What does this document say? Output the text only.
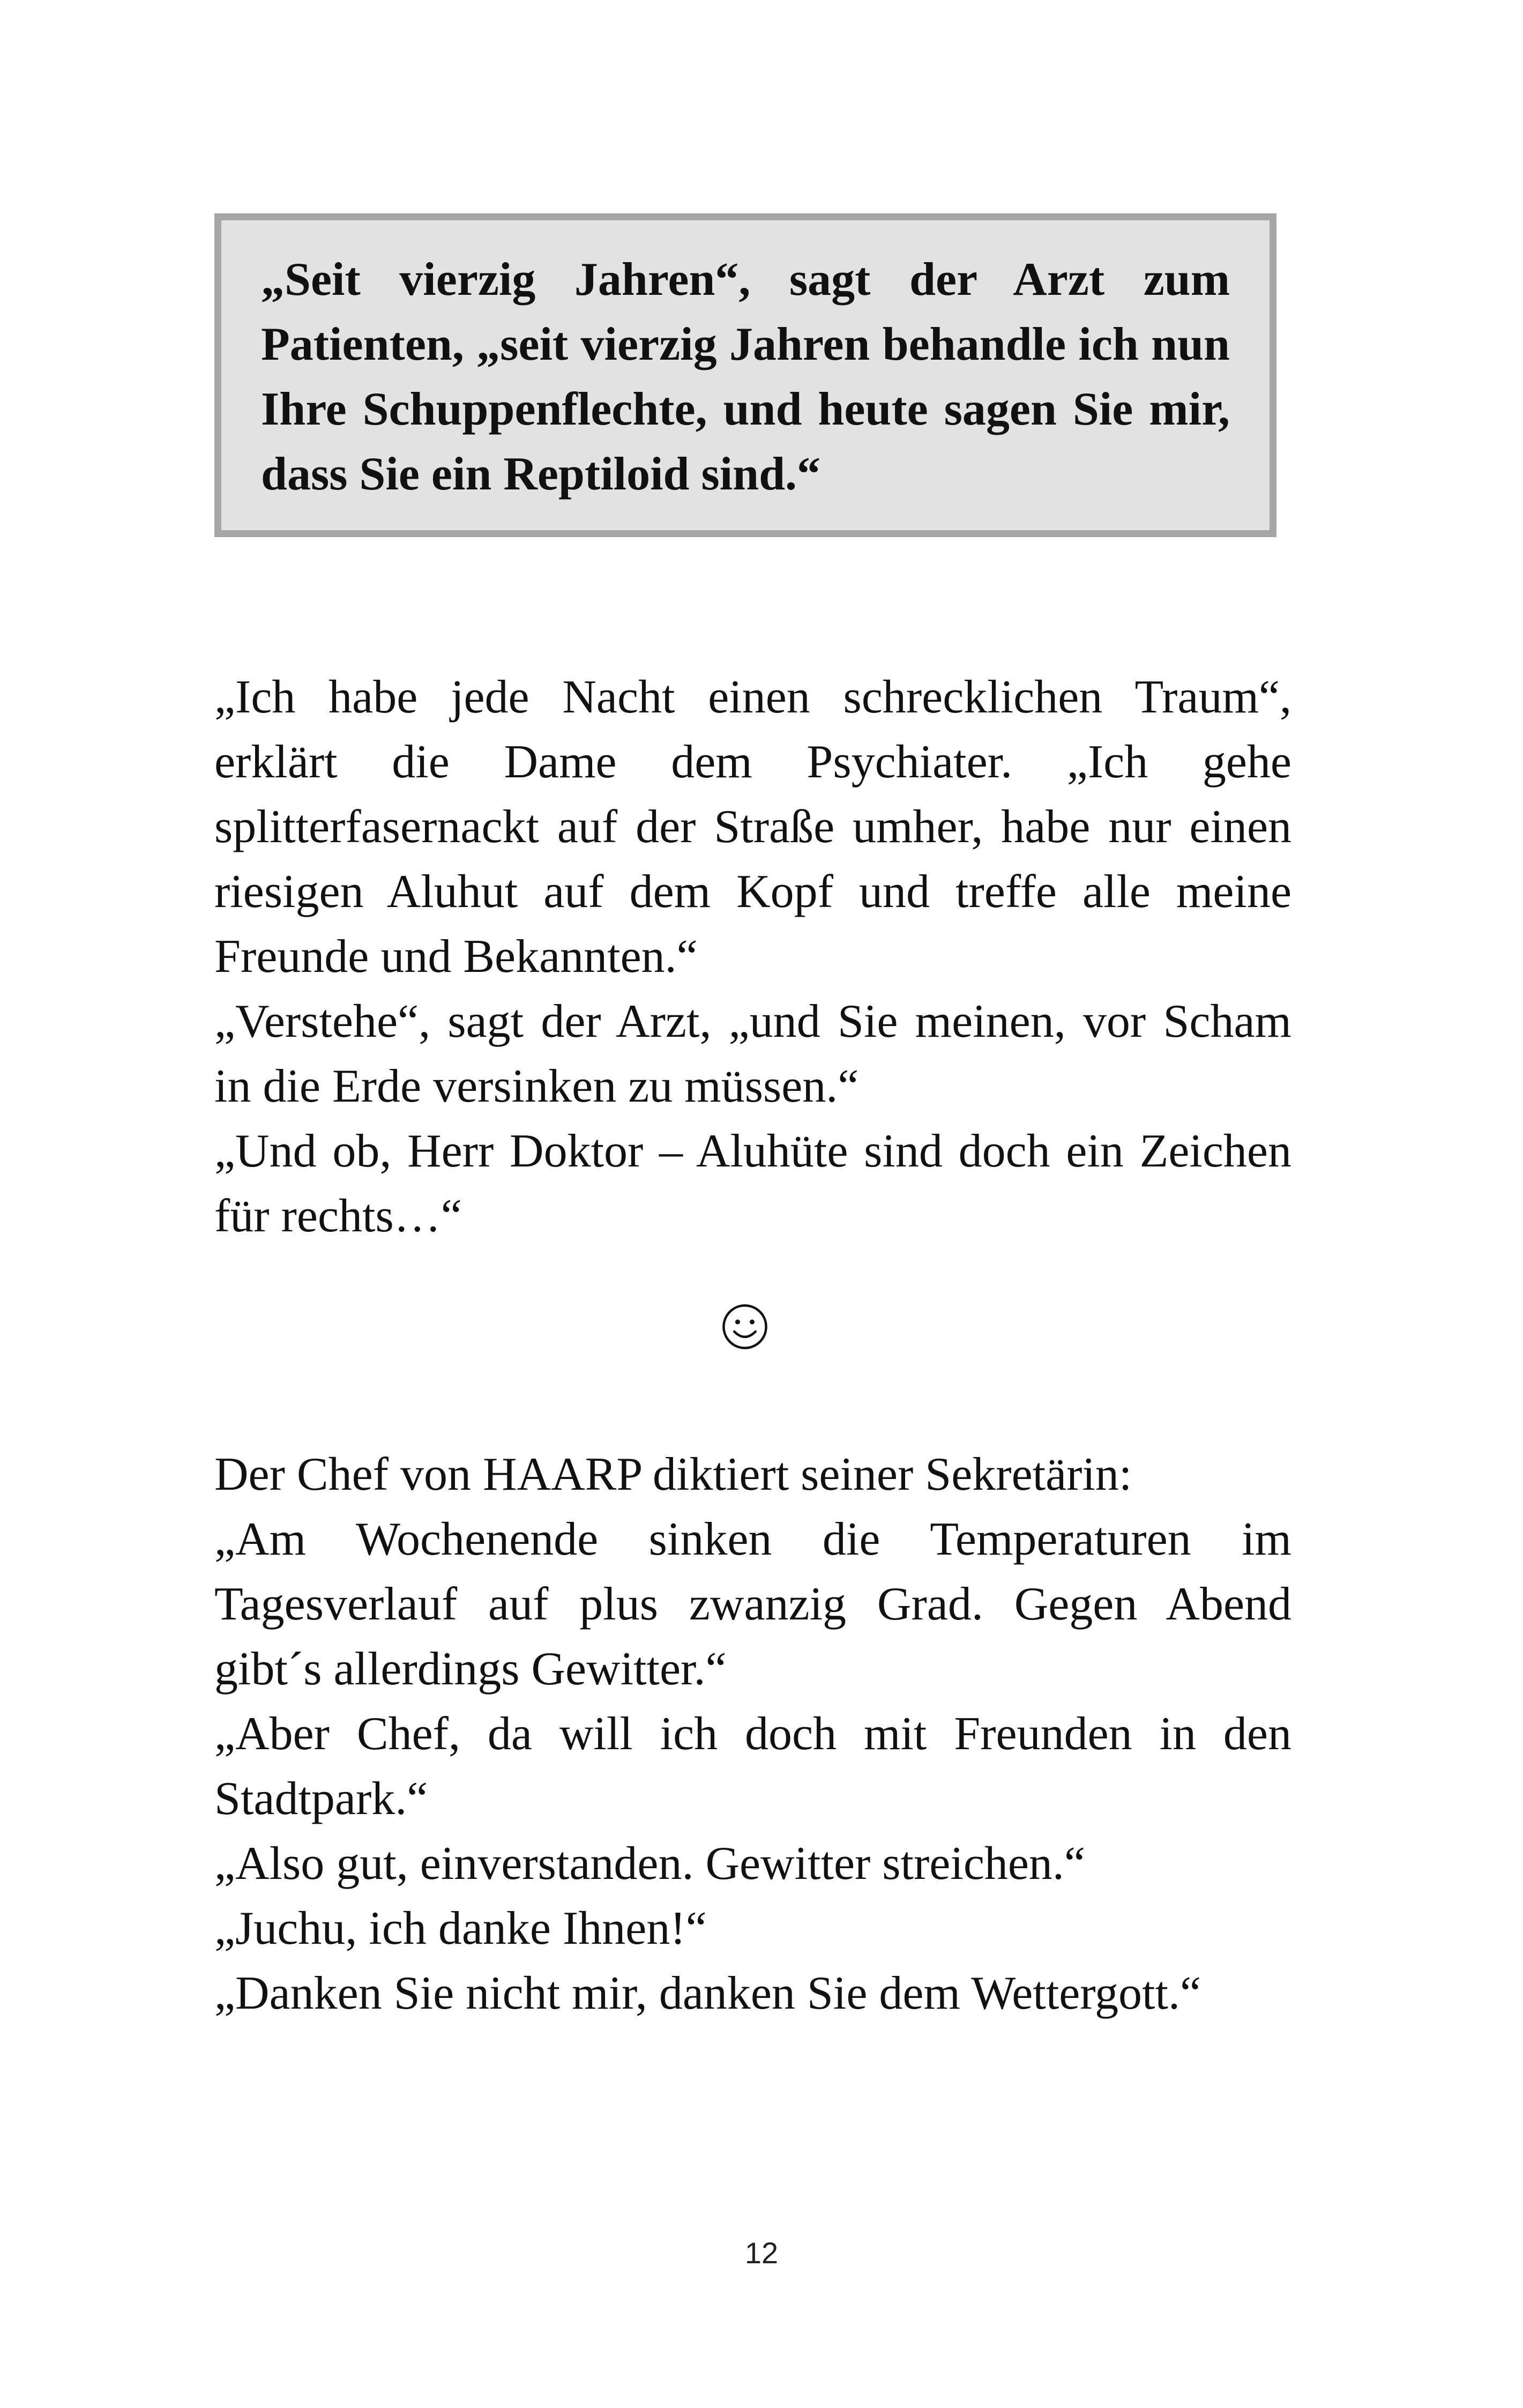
„Seit vierzig Jahren“, sagt der Arzt zum Patienten, „seit vierzig Jahren behandle ich nun Ihre Schuppenflechte, und heute sagen Sie mir, dass Sie ein Reptiloid sind.“

„Ich habe jede Nacht einen schrecklichen Traum“,
erklärt die Dame dem Psychiater. „Ich gehe
splitterfasernackt auf der Straße umher, habe nur einen
riesigen Aluhut auf dem Kopf und treffe alle meine
Freunde und Bekannten.“
„Verstehe“, sagt der Arzt, „und Sie meinen, vor Scham
in die Erde versinken zu müssen.“
„Und ob, Herr Doktor – Aluhüte sind doch ein Zeichen
für rechts…“
Der Chef von HAARP diktiert seiner Sekretärin:
„Am Wochenende sinken die Temperaturen im
Tagesverlauf auf plus zwanzig Grad. Gegen Abend
gibt´s allerdings Gewitter.“
„Aber Chef, da will ich doch mit Freunden in den
Stadtpark.“
„Also gut, einverstanden. Gewitter streichen.“
„Juchu, ich danke Ihnen!“
„Danken Sie nicht mir, danken Sie dem Wettergott.“
12
